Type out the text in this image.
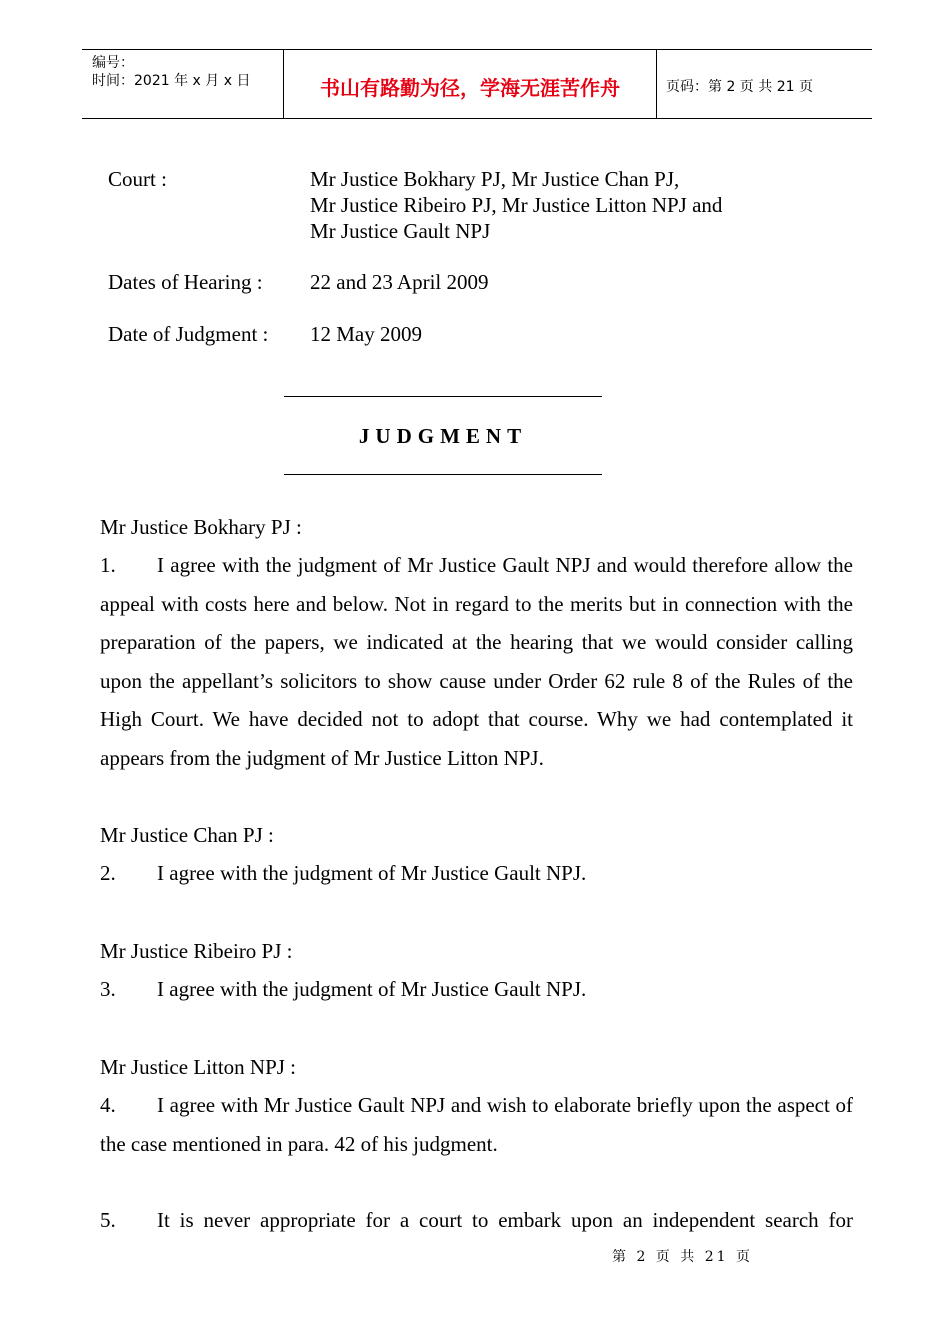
编号：
时间：2021 年 x 月 x 日	书山有路勤为径，学海无涯苦作舟	页码：第 2 页 共 21 页
Court :	Mr Justice Bokhary PJ, Mr Justice Chan PJ,
Mr Justice Ribeiro PJ, Mr Justice Litton NPJ and
Mr Justice Gault NPJ
Dates of Hearing : 22 and 23 April 2009
Date of Judgment : 12 May 2009
JUDGMENT
Mr Justice Bokhary PJ :
1. I agree with the judgment of Mr Justice Gault NPJ and would therefore allow the appeal with costs here and below. Not in regard to the merits but in connection with the preparation of the papers, we indicated at the hearing that we would consider calling upon the appellant’s solicitors to show cause under Order 62 rule 8 of the Rules of the High Court. We have decided not to adopt that course. Why we had contemplated it appears from the judgment of Mr Justice Litton NPJ.
Mr Justice Chan PJ :
2. I agree with the judgment of Mr Justice Gault NPJ.
Mr Justice Ribeiro PJ :
3. I agree with the judgment of Mr Justice Gault NPJ.
Mr Justice Litton NPJ :
4. I agree with Mr Justice Gault NPJ and wish to elaborate briefly upon the aspect of the case mentioned in para. 42 of his judgment.
5. It is never appropriate for a court to embark upon an independent search for
第 2 页 共 21 页
